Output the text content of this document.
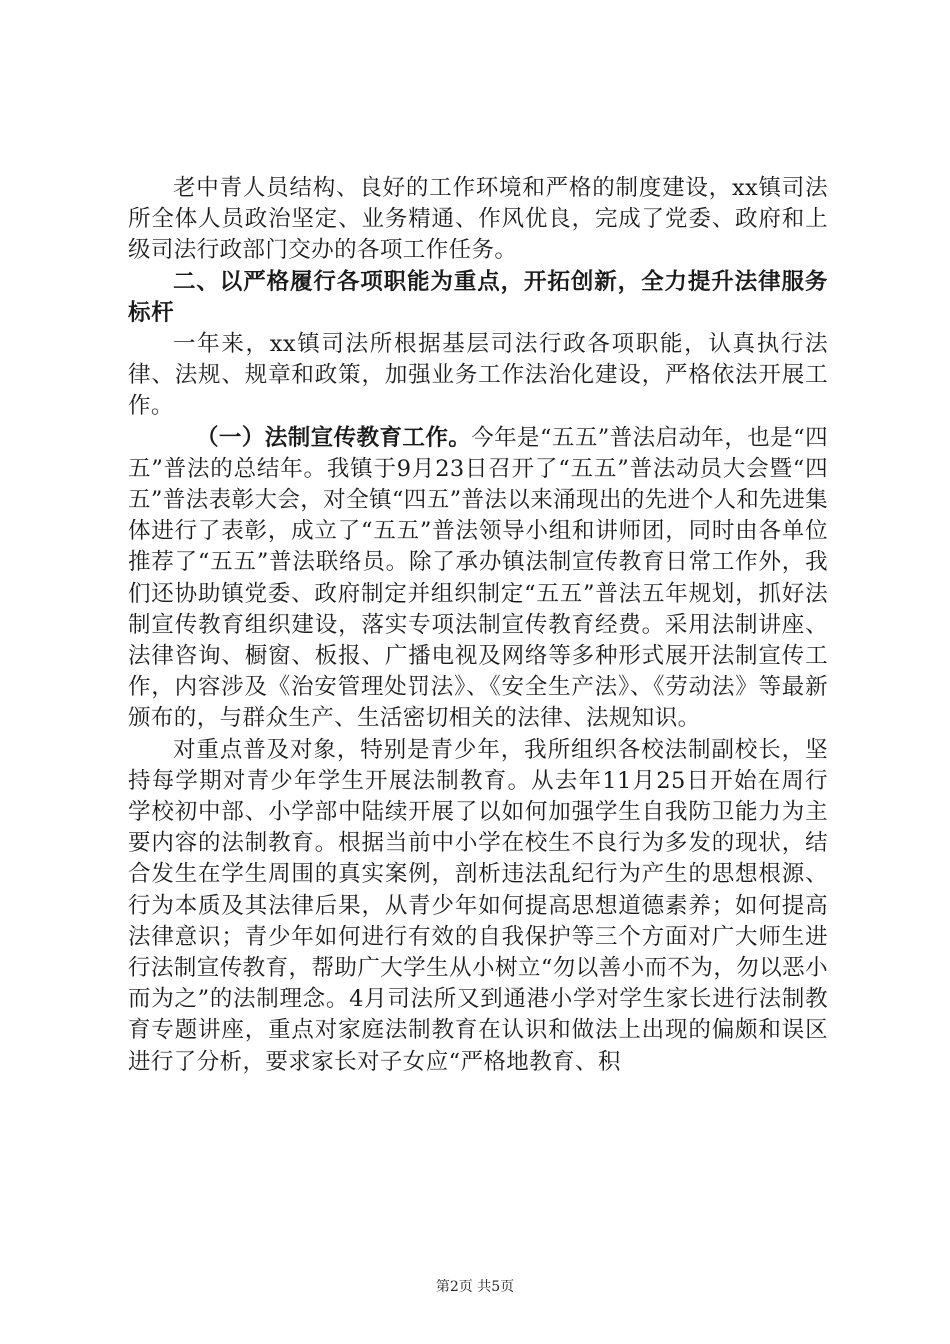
老中青人员结构、良好的工作环境和严格的制度建设，xx镇司法所全体人员政治坚定、业务精通、作风优良，完成了党委、政府和上级司法行政部门交办的各项工作任务。

二、以严格履行各项职能为重点，开拓创新，全力提升法律服务标杆

一年来，xx镇司法所根据基层司法行政各项职能，认真执行法律、法规、规章和政策，加强业务工作法治化建设，严格依法开展工作。

（一）法制宣传教育工作。今年是“五五”普法启动年，也是“四五”普法的总结年。我镇于9月23日召开了“五五”普法动员大会暨“四五”普法表彰大会，对全镇“四五”普法以来涌现出的先进个人和先进集体进行了表彰，成立了“五五”普法领导小组和讲师团，同时由各单位推荐了“五五”普法联络员。除了承办镇法制宣传教育日常工作外，我们还协助镇党委、政府制定并组织制定“五五”普法五年规划，抓好法制宣传教育组织建设，落实专项法制宣传教育经费。采用法制讲座、法律咨询、橱窗、板报、广播电视及网络等多种形式展开法制宣传工作，内容涉及《治安管理处罚法》、《安全生产法》、《劳动法》等最新颁布的，与群众生产、生活密切相关的法律、法规知识。

对重点普及对象，特别是青少年，我所组织各校法制副校长，坚持每学期对青少年学生开展法制教育。从去年11月25日开始在周行学校初中部、小学部中陆续开展了以如何加强学生自我防卫能力为主要内容的法制教育。根据当前中小学在校生不良行为多发的现状，结合发生在学生周围的真实案例，剖析违法乱纪行为产生的思想根源、行为本质及其法律后果，从青少年如何提高思想道德素养；如何提高法律意识；青少年如何进行有效的自我保护等三个方面对广大师生进行法制宣传教育，帮助广大学生从小树立“勿以善小而不为，勿以恶小而为之”的法制理念。4月司法所又到通港小学对学生家长进行法制教育专题讲座，重点对家庭法制教育在认识和做法上出现的偏颇和误区进行了分析，要求家长对子女应“严格地教育、积

第2页 共5页
